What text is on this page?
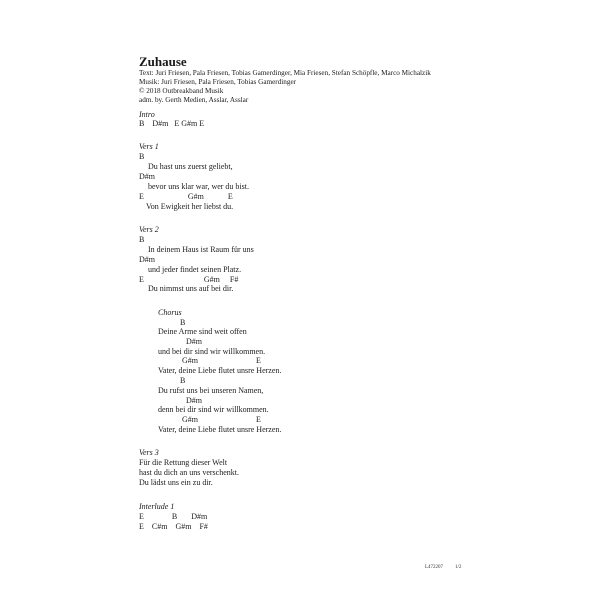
Zuhause
Text: Juri Friesen, Pala Friesen, Tobias Gamerdinger, Mia Friesen, Stefan Schöpfle, Marco Michalzik
Musik: Juri Friesen, Pala Friesen, Tobias Gamerdinger
© 2018 Outbreakband Musik
adm. by. Gerth Medien, Asslar, Asslar
Intro
B    D#m   E G#m E
Vers 1
B
Du hast uns zuerst geliebt,
D#m
bevor uns klar war, wer du bist.
E                      G#m            E
Von Ewigkeit her liebst du.
Vers 2
B
In deinem Haus ist Raum für uns
D#m
und jeder findet seinen Platz.
E                              G#m     F#
Du nimmst uns auf bei dir.
Chorus
B
Deine Arme sind weit offen
D#m
und bei dir sind wir willkommen.
G#m                             E
Vater, deine Liebe flutet unsre Herzen.
B
Du rufst uns bei unseren Namen,
D#m
denn bei dir sind wir willkommen.
G#m                             E
Vater, deine Liebe flutet unsre Herzen.
Vers 3
Für die Rettung dieser Welt
hast du dich an uns verschenkt.
Du lädst uns ein zu dir.
Interlude 1
E              B       D#m
E    C#m    G#m    F#
L472207 1/2
